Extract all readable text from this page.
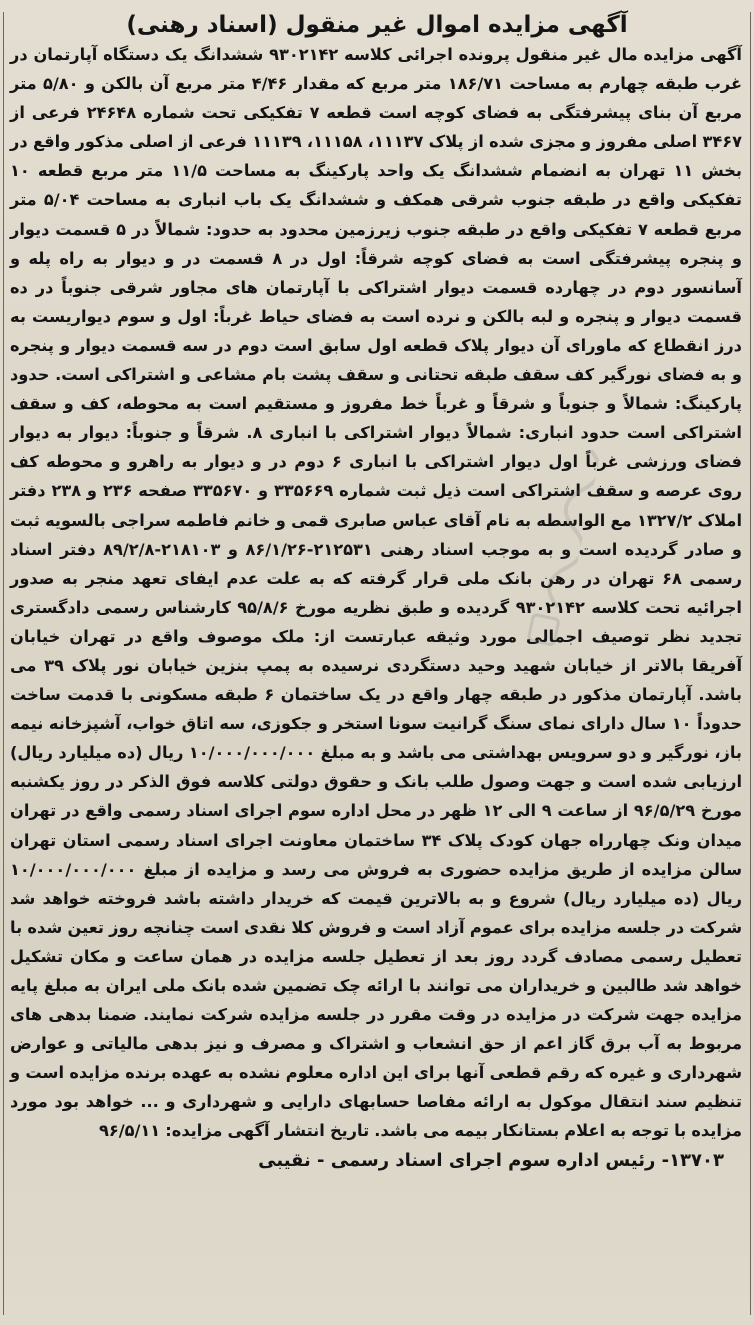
آگهی مزایده اموال غیر منقول (اسناد رهنی)

آگهی مزایده مال غیر منقول پرونده اجرائی کلاسه ۹۳۰۲۱۴۲ ششدانگ یک دستگاه آپارتمان در غرب طبقه چهارم به مساحت ۱۸۶/۷۱ متر مربع که مقدار ۴/۴۶ متر مربع آن بالکن و ۵/۸۰ متر مربع آن بنای پیشرفتگی به فضای کوچه است قطعه ۷ تفکیکی تحت شماره ۲۴۶۴۸ فرعی از ۳۴۶۷ اصلی مفروز و مجزی شده از پلاک ۱۱۱۳۷، ۱۱۱۵۸، ۱۱۱۳۹ فرعی از اصلی مذکور واقع در بخش ۱۱ تهران به انضمام ششدانگ یک واحد پارکینگ به مساحت ۱۱/۵ متر مربع قطعه ۱۰ تفکیکی واقع در طبقه جنوب شرقی همکف و ششدانگ یک باب انباری به مساحت ۵/۰۴ متر مربع قطعه ۷ تفکیکی واقع در طبقه جنوب زیرزمین محدود به حدود: شمالاً در ۵ قسمت دیوار و پنجره پیشرفتگی است به فضای کوچه شرقاً: اول در ۸ قسمت در و دیوار به راه پله و آسانسور دوم در چهارده قسمت دیوار اشتراکی با آپارتمان های مجاور شرقی جنوباً در ده قسمت دیوار و پنجره و لبه بالکن و نرده است به فضای حیاط غرباً: اول و سوم دیواریست به درز انقطاع که ماورای آن دیوار پلاک قطعه اول سابق است دوم در سه قسمت دیوار و پنجره و به فضای نورگیر کف سقف طبقه تحتانی و سقف پشت بام مشاعی و اشتراکی است. حدود پارکینگ: شمالاً و جنوباً و شرقاً و غرباً خط مفروز و مستقیم است به محوطه، کف و سقف اشتراکی است حدود انباری: شمالاً دیوار اشتراکی با انباری ۸. شرقاً و جنوباً: دیوار به دیوار فضای ورزشی غرباً اول دیوار اشتراکی با انباری ۶ دوم در و دیوار به راهرو و محوطه کف روی عرصه و سقف اشتراکی است ذیل ثبت شماره ۳۳۵۶۶۹ و ۳۳۵۶۷۰ صفحه ۲۳۶ و ۲۳۸ دفتر املاک ۱۳۲۷/۲ مع الواسطه به نام آقای عباس صابری قمی و خانم فاطمه سراجی بالسویه ثبت و صادر گردیده است و به موجب اسناد رهنی ۲۱۲۵۳۱-۸۶/۱/۲۶ و ۲۱۸۱۰۳-۸۹/۲/۸ دفتر اسناد رسمی ۶۸ تهران در رهن بانک ملی قرار گرفته که به علت عدم ایفای تعهد منجر به صدور اجرائیه تحت کلاسه ۹۳۰۲۱۴۲ گردیده و طبق نظریه مورخ ۹۵/۸/۶ کارشناس رسمی دادگستری تجدید نظر توصیف اجمالی مورد وثیقه عبارتست از: ملک موصوف واقع در تهران خیابان آفریقا بالاتر از خیابان شهید وحید دستگردی نرسیده به پمپ بنزین خیابان نور پلاک ۳۹ می باشد. آپارتمان مذکور در طبقه چهار واقع در یک ساختمان ۶ طبقه مسکونی با قدمت ساخت حدوداً ۱۰ سال دارای نمای سنگ گرانیت سونا استخر و جکوزی، سه اتاق خواب، آشپزخانه نیمه باز، نورگیر و دو سرویس بهداشتی می باشد و به مبلغ ۱۰/۰۰۰/۰۰۰/۰۰۰ ریال (ده میلیارد ریال) ارزیابی شده است و جهت وصول طلب بانک و حقوق دولتی کلاسه فوق الذکر در روز یکشنبه مورخ ۹۶/۵/۲۹ از ساعت ۹ الی ۱۲ ظهر در محل اداره سوم اجرای اسناد رسمی واقع در تهران میدان ونک چهارراه جهان کودک پلاک ۳۴ ساختمان معاونت اجرای اسناد رسمی استان تهران سالن مزایده از طریق مزایده حضوری به فروش می رسد و مزایده از مبلغ ۱۰/۰۰۰/۰۰۰/۰۰۰ ریال (ده میلیارد ریال) شروع و به بالاترین قیمت که خریدار داشته باشد فروخته خواهد شد شرکت در جلسه مزایده برای عموم آزاد است و فروش کلا نقدی است چنانچه روز تعین شده با تعطیل رسمی مصادف گردد روز بعد از تعطیل جلسه مزایده در همان ساعت و مکان تشکیل خواهد شد طالبین و خریداران می توانند با ارائه چک تضمین شده بانک ملی ایران به مبلغ پایه مزایده جهت شرکت در مزایده در وقت مقرر در جلسه مزایده شرکت نمایند. ضمنا بدهی های مربوط به آب برق گاز اعم از حق انشعاب و اشتراک و مصرف و نیز بدهی مالیاتی و عوارض شهرداری و غیره که رقم قطعی آنها برای این اداره معلوم نشده به عهده برنده مزایده است و تنظیم سند انتقال موکول به ارائه مفاصا حسابهای دارایی و شهرداری و ... خواهد بود مورد مزایده با توجه به اعلام بستانکار بیمه می باشد. تاریخ انتشار آگهی مزایده: ۹۶/۵/۱۱

۱۳۷۰۳- رئیس اداره سوم اجرای اسناد رسمی - نقیبی
